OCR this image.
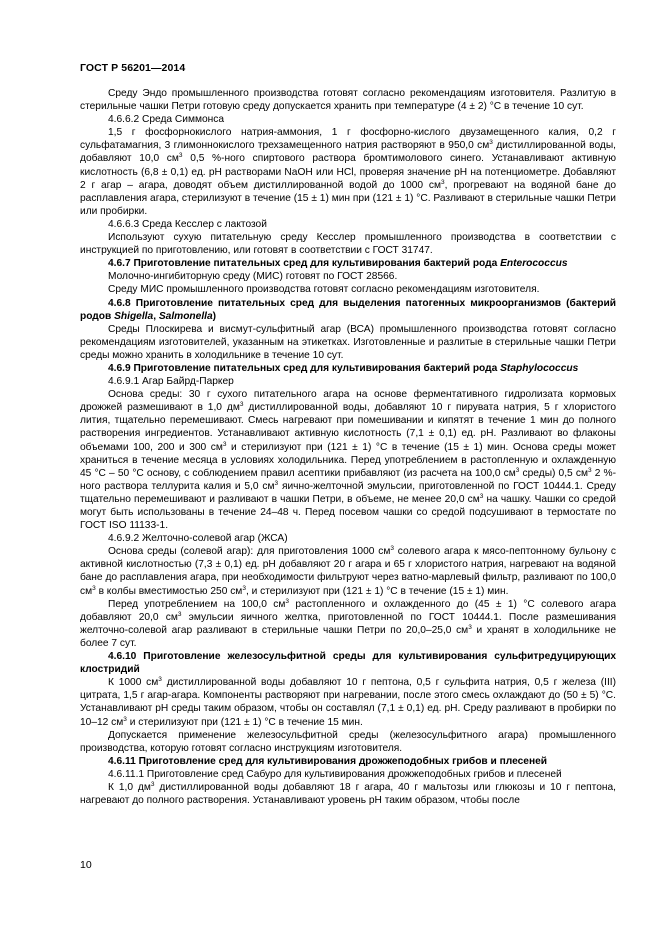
ГОСТ Р 56201—2014

Среду Эндо промышленного производства готовят согласно рекомендациям изготовителя. Разлитую в стерильные чашки Петри готовую среду допускается хранить при температуре (4 ± 2) °С в течение 10 сут.

4.6.6.2 Среда Симмонса

1,5 г фосфорнокислого натрия-аммония, 1 г фосфорно-кислого двузамещенного калия, 0,2 г сульфатамагния, 3 глимоннокислого трехзамещенного натрия растворяют в 950,0 $см^3$ дистиллированной воды, добавляют 10,0 $см^3$ 0,5 %-ного спиртового раствора бромтимолового синего. Устанавливают активную кислотность (6,8 ± 0,1) ед. рН растворами NaOH или HCl, проверяя значение рН на потенциометре. Добавляют 2 г агар – агара, доводят объем дистиллированной водой до 1000 $см^3$, прогревают на водяной бане до расплавления агара, стерилизуют в течение (15 ± 1) мин при (121 ± 1) °С. Разливают в стерильные чашки Петри или пробирки.

4.6.6.3 Среда Кесслер с лактозой

Используют сухую питательную среду Кесслер промышленного производства в соответствии с инструкцией по приготовлению, или готовят в соответствии с ГОСТ 31747.

4.6.7 Приготовление питательных сред для культивирования бактерий рода Enterococcus

Молочно-ингибиторную среду (МИС) готовят по ГОСТ 28566.

Среду МИС промышленного производства готовят согласно рекомендациям изготовителя.

4.6.8 Приготовление питательных сред для выделения патогенных микроорганизмов (бактерий родов Shigella, Salmonella)

Среды Плоскирева и висмут-сульфитный агар (ВСА) промышленного производства готовят согласно рекомендациям изготовителей, указанным на этикетках. Изготовленные и разлитые в стерильные чашки Петри среды можно хранить в холодильнике в течение 10 сут.

4.6.9 Приготовление питательных сред для культивирования бактерий рода Staphylococcus

4.6.9.1 Агар Байрд-Паркер

Основа среды: 30 г сухого питательного агара на основе ферментативного гидролизата кормовых дрожжей размешивают в 1,0 $дм^3$ дистиллированной воды, добавляют 10 г пирувата натрия, 5 г хлористого лития, тщательно перемешивают. Смесь нагревают при помешивании и кипятят в течение 1 мин до полного растворения ингредиентов. Устанавливают активную кислотность (7,1 ± 0,1) ед. рН. Разливают во флаконы объемами 100, 200 и 300 $см^3$ и стерилизуют при (121 ± 1) °С в течение (15 ± 1) мин. Основа среды может храниться в течение месяца в условиях холодильника. Перед употреблением в растопленную и охлажденную 45 °С – 50 °С основу, с соблюдением правил асептики прибавляют (из расчета на 100,0 $см^3$ среды) 0,5 $см^3$ 2 %-ного раствора теллурита калия и 5,0 $см^3$ яично-желточной эмульсии, приготовленной по ГОСТ 10444.1. Среду тщательно перемешивают и разливают в чашки Петри, в объеме, не менее 20,0 $см^3$ на чашку. Чашки со средой могут быть использованы в течение 24–48 ч. Перед посевом чашки со средой подсушивают в термостате по ГОСТ ISO 11133-1.

4.6.9.2 Желточно-солевой агар (ЖСА)

Основа среды (солевой агар): для приготовления 1000 $см^3$ солевого агара к мясо-пептонному бульону с активной кислотностью (7,3 ± 0,1) ед. рН добавляют 20 г агара и 65 г хлористого натрия, нагревают на водяной бане до расплавления агара, при необходимости фильтруют через ватно-марлевый фильтр, разливают по 100,0 $см^3$ в колбы вместимостью 250 $см^3$, и стерилизуют при (121 ± 1) °С в течение (15 ± 1) мин.

Перед употреблением на 100,0 $см^3$ растопленного и охлажденного до (45 ± 1) °С солевого агара добавляют 20,0 $см^3$ эмульсии яичного желтка, приготовленной по ГОСТ 10444.1. После размешивания желточно-солевой агар разливают в стерильные чашки Петри по 20,0–25,0 $см^3$ и хранят в холодильнике не более 7 сут.

4.6.10 Приготовление железосульфитной среды для культивирования сульфитредуцирующих клостридий

К 1000 $см^3$ дистиллированной воды добавляют 10 г пептона, 0,5 г сульфита натрия, 0,5 г железа (III) цитрата, 1,5 г агар-агара. Компоненты растворяют при нагревании, после этого смесь охлаждают до (50 ± 5) °С. Устанавливают рН среды таким образом, чтобы он составлял (7,1 ± 0,1) ед. рН. Среду разливают в пробирки по 10–12 $см^3$ и стерилизуют при (121 ± 1) °С в течение 15 мин.

Допускается применение железосульфитной среды (железосульфитного агара) промышленного производства, которую готовят согласно инструкциям изготовителя.

4.6.11 Приготовление сред для культивирования дрожжеподобных грибов и плесеней

4.6.11.1 Приготовление сред Сабуро для культивирования дрожжеподобных грибов и плесеней

К 1,0 $дм^3$ дистиллированной воды добавляют 18 г агара, 40 г мальтозы или глюкозы и 10 г пептона, нагревают до полного растворения. Устанавливают уровень рН таким образом, чтобы после

10
